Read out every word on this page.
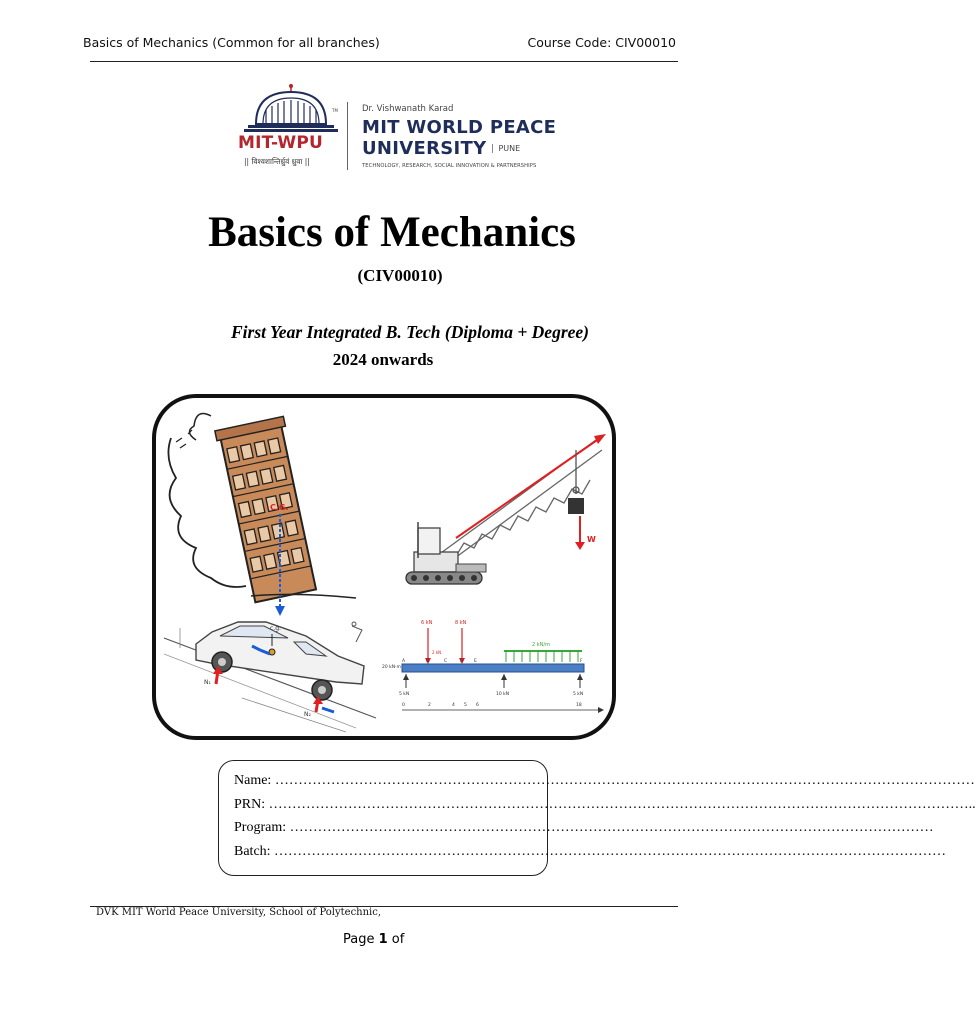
Basics of Mechanics (Common for all branches)	Course Code: CIV00010
TM
MIT-WPU
|| विश्वशान्तिर्ध्रुवं ध्रुवा ||
Dr. Vishwanath Karad
MIT WORLD PEACE
UNIVERSITY	PUNE
TECHNOLOGY, RESEARCH, SOCIAL INNOVATION & PARTNERSHIPS
Basics of Mechanics
(CIV00010)
First Year Integrated B. Tech (Diploma + Degree)
2024 onwards
C.G.
W
c.g.
N₁
N₂
6 kN	8 kN
2 kN
2 kN/m
20 kN·m
A	B	C	D E	F
5 kN	10 kN	5 kN
0	2	4 5 6	18
Name: ……………………………………………………………………………………………………………………………………
PRN: ……………………………………………………………………………………………………………………………………..
Program: …………………………………………………………………………………………………………………………
Batch: ………………………………………………………………………………………………………………………………
DVK MIT World Peace University, School of Polytechnic,
Page 1 of
